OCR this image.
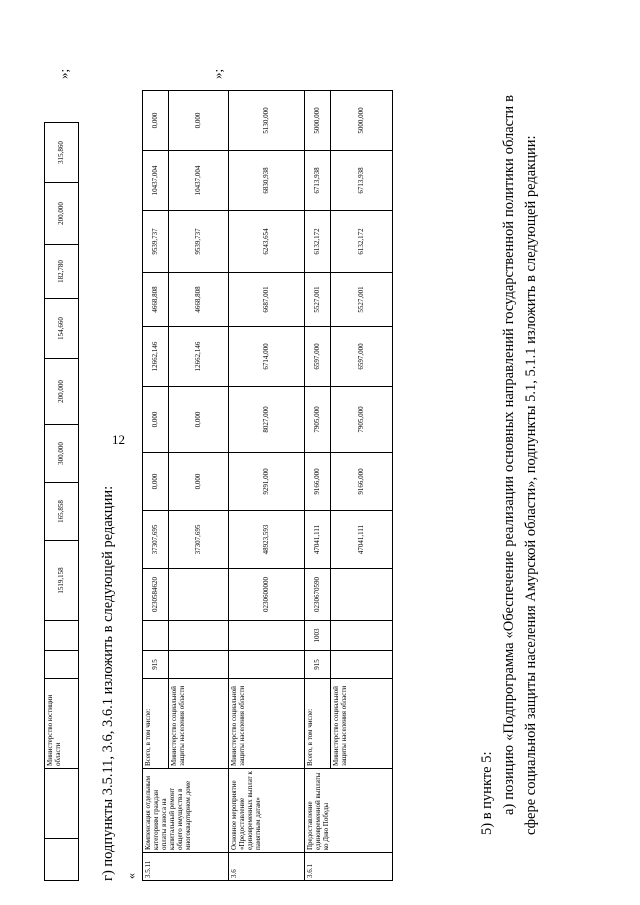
12
		Министерство юстиции области			1519,158	165,858	300,000	200,000	154,660	182,780	200,000	315,860
»;
г) подпункты 3.5.11, 3.6, 3.6.1 изложить в следующей редакции: « 3.5.11	Компенсация отдельным категориям граждан оплаты взноса на капитальный ремонт общего имущества в многоквартирном доме	Всего, в том числе:	915		0230584620	37307,695	0,000	0,000	12662,146	4668,808	9539,737	10437,004	0,000
		Министерство социальной защиты населения области				37307,695	0,000	0,000	12662,146	4668,808	9539,737	10437,004	0,000
3.6	Основное мероприятие «Предоставление единовременных выплат к памятным датам»	Министерство социальной защиты населения области			0230600000	48923,593	9291,000	8027,000	6714,000	6687,001	6243,654	6830,938	5130,000
3.6.1	Предоставление единовременной выплаты ко Дню Победы	Всего, в том числе:	915	1003	0230670590	47041,111	9166,000	7905,000	6597,000	5527,001	6132,172	6713,938	5000,000
		Министерство социальной защиты населения области				47041,111	9166,000	7905,000	6597,000	5527,001	6132,172	6713,938	5000,000
»;

5) в пункте 5: а) позицию «Подпрограмма «Обеспечение реализации основных направлений государственной политики области в сфере социальной защиты населения Амурской области», подпункты 5.1, 5.1.1 изложить в следующей редакции:
